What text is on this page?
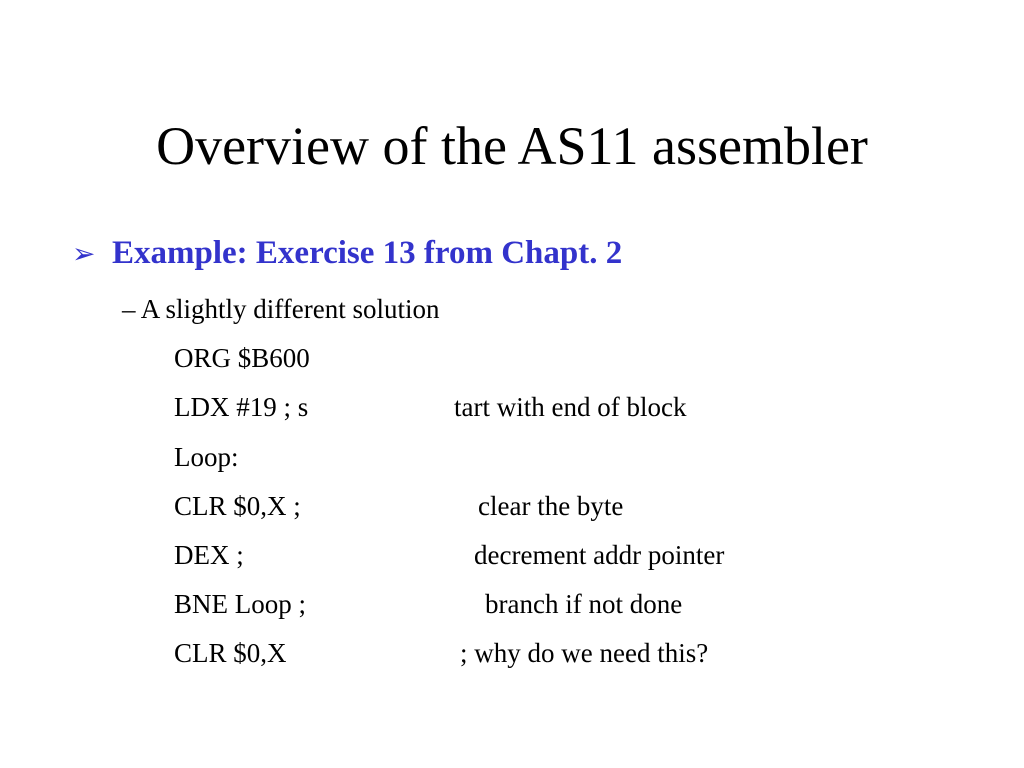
Overview of the AS11 assembler
➢ Example: Exercise 13 from Chapt. 2
– A slightly different solution
ORG $B600
LDX #19 ; s	tart with end of block
Loop:
CLR $0,X ;	clear the byte
DEX ;	decrement addr pointer
BNE Loop ;	branch if not done
CLR $0,X	; why do we need this?
